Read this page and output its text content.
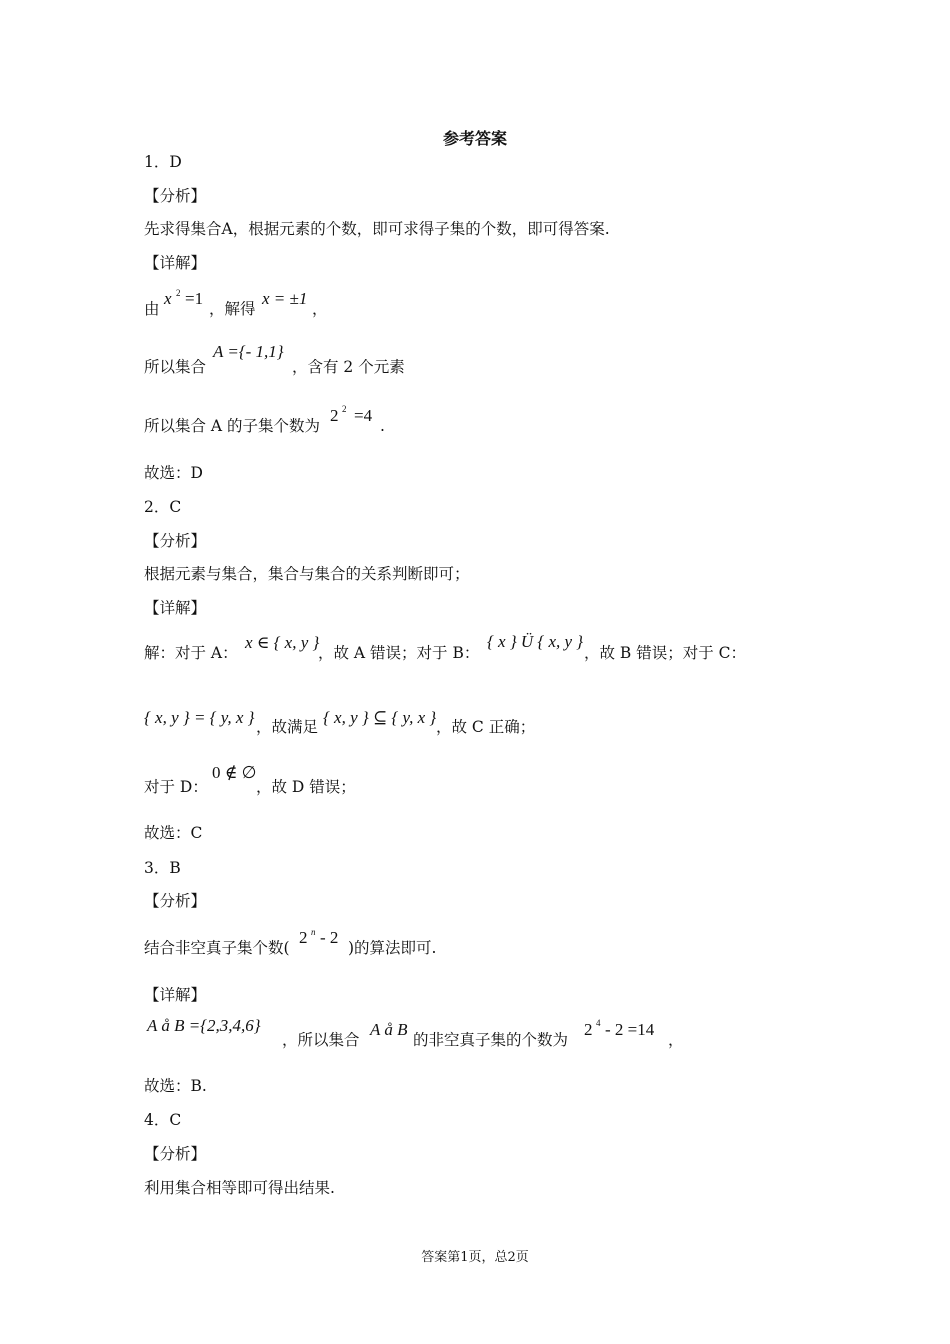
参考答案
1．D
【分析】
先求得集合A，根据元素的个数，即可求得子集的个数，即可得答案.
【详解】
由
x 2 =1
，解得
x = ±1
，
所以集合
A ={- 1,1}
，含有 2 个元素
所以集合 A 的子集个数为
2 2 =4
.
故选：D
2．C
【分析】
根据元素与集合，集合与集合的关系判断即可；
【详解】
解：对于 A：
x ∈ { x, y }
，故 A 错误；对于 B：
{ x } Ü { x, y }
，故 B 错误；对于 C：
{ x, y } = { y, x } ，故满足 { x, y } ⊆ { y, x } ，故 C 正确；
对于 D：
0 ∉ ∅
，故 D 错误；
故选：C
3．B
【分析】
结合非空真子集个数(
2 n - 2
)的算法即可.
【详解】
A å B ={2,3,4,6}
，所以集合
A å B
的非空真子集的个数为
2 4 - 2 =14
，
故选：B.
4．C
【分析】
利用集合相等即可得出结果.
答案第1页，总2页
